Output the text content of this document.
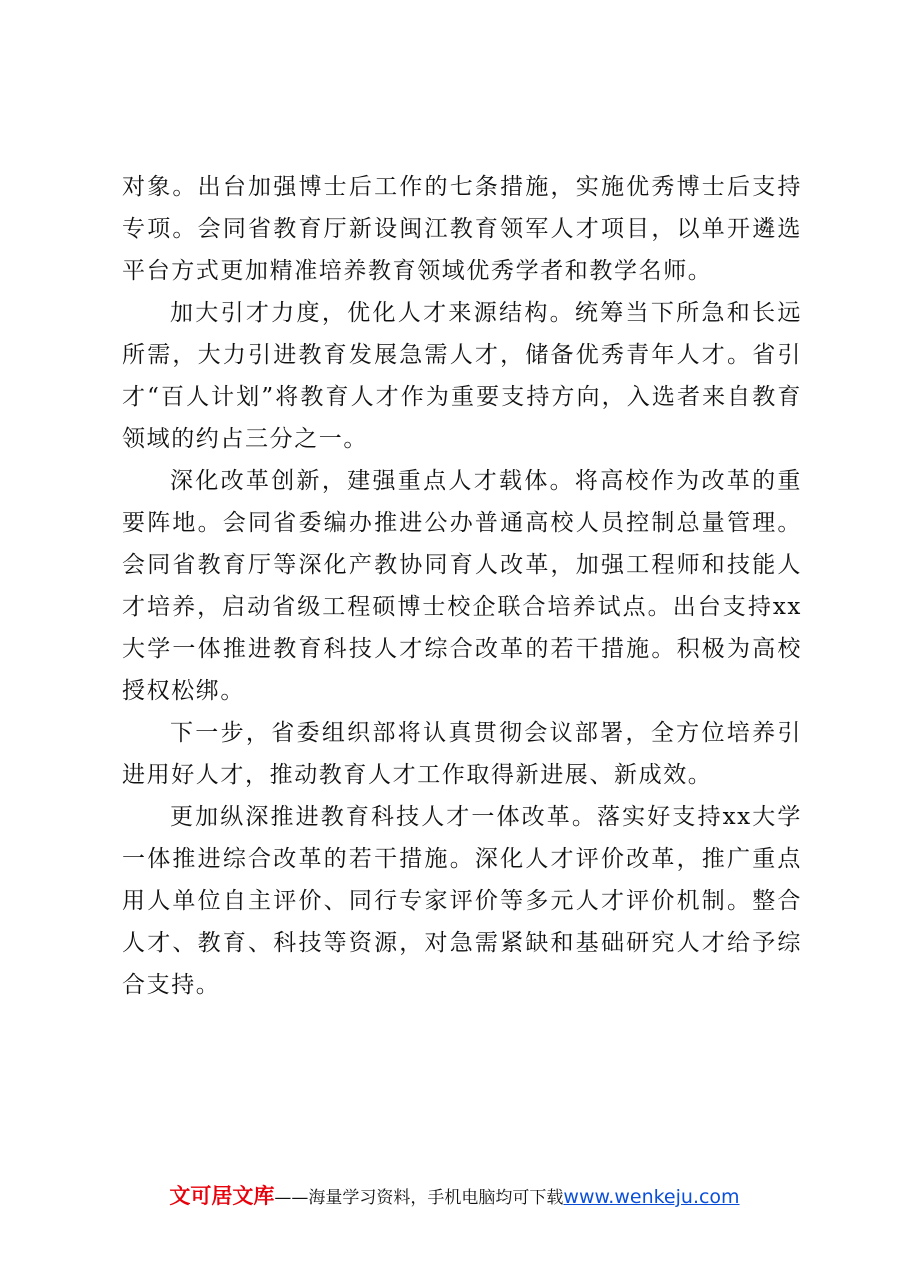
对象。出台加强博士后工作的七条措施，实施优秀博士后支持专项。会同省教育厅新设闽江教育领军人才项目，以单开遴选平台方式更加精准培养教育领域优秀学者和教学名师。

加大引才力度，优化人才来源结构。统筹当下所急和长远所需，大力引进教育发展急需人才，储备优秀青年人才。省引才“百人计划”将教育人才作为重要支持方向，入选者来自教育领域的约占三分之一。

深化改革创新，建强重点人才载体。将高校作为改革的重要阵地。会同省委编办推进公办普通高校人员控制总量管理。会同省教育厅等深化产教协同育人改革，加强工程师和技能人才培养，启动省级工程硕博士校企联合培养试点。出台支持xx大学一体推进教育科技人才综合改革的若干措施。积极为高校授权松绑。

下一步，省委组织部将认真贯彻会议部署，全方位培养引进用好人才，推动教育人才工作取得新进展、新成效。

更加纵深推进教育科技人才一体改革。落实好支持xx大学一体推进综合改革的若干措施。深化人才评价改革，推广重点用人单位自主评价、同行专家评价等多元人才评价机制。整合人才、教育、科技等资源，对急需紧缺和基础研究人才给予综合支持。

文可居文库——海量学习资料，手机电脑均可下载www.wenkeju.com
